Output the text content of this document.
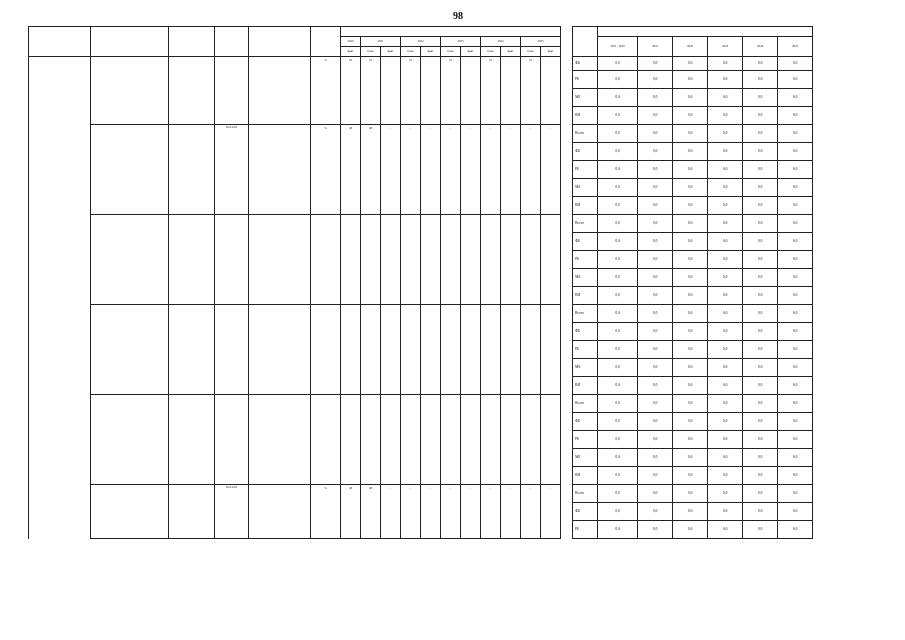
98

						2020	2021		2022		2023		2024		2025				2021 - 2025	2021	2022	2023	2024	2025
						факт	план	факт	план	факт	план	факт	план	факт	план	факт								
					%	16	16		16		16		16		16			ФБ	0,0	0,0	0,0	0,0	0,0	0,0
																		РБ	0,0	0,0	0,0	0,0	0,0	0,0
																		МБ	0,0	0,0	0,0	0,0	0,0	0,0
																		ВИ	0,0	0,0	0,0	0,0	0,0	0,0
			2021-2025		%	48	48	-	-	-	-	-	-	-	-	-		Всего	0,0	0,0	0,0	0,0	0,0	0,0
																		ФБ	0,0	0,0	0,0	0,0	0,0	0,0
																		РБ	0,0	0,0	0,0	0,0	0,0	0,0
																		МБ	0,0	0,0	0,0	0,0	0,0	0,0
																		ВИ	0,0	0,0	0,0	0,0	0,0	0,0
																		Всего	0,0	0,0	0,0	0,0	0,0	0,0
																		ФБ	0,0	0,0	0,0	0,0	0,0	0,0
																		РБ	0,0	0,0	0,0	0,0	0,0	0,0
																		МБ	0,0	0,0	0,0	0,0	0,0	0,0
																		ВИ	0,0	0,0	0,0	0,0	0,0	0,0
																		Всего	0,0	0,0	0,0	0,0	0,0	0,0
																		ФБ	0,0	0,0	0,0	0,0	0,0	0,0
																		РБ	0,0	0,0	0,0	0,0	0,0	0,0
																		МБ	0,0	0,0	0,0	0,0	0,0	0,0
																		ВИ	0,0	0,0	0,0	0,0	0,0	0,0
																		Всего	0,0	0,0	0,0	0,0	0,0	0,0
																		ФБ	0,0	0,0	0,0	0,0	0,0	0,0
																		РБ	0,0	0,0	0,0	0,0	0,0	0,0
																		МБ	0,0	0,0	0,0	0,0	0,0	0,0
																		ВИ	0,0	0,0	0,0	0,0	0,0	0,0
			2021-2025		%	48	48	-	-	-	-	-	-	-	-	-		Всего	0,0	0,0	0,0	0,0	0,0	0,0
																		ФБ	0,0	0,0	0,0	0,0	0,0	0,0
																		РБ	0,0	0,0	0,0	0,0	0,0	0,0
